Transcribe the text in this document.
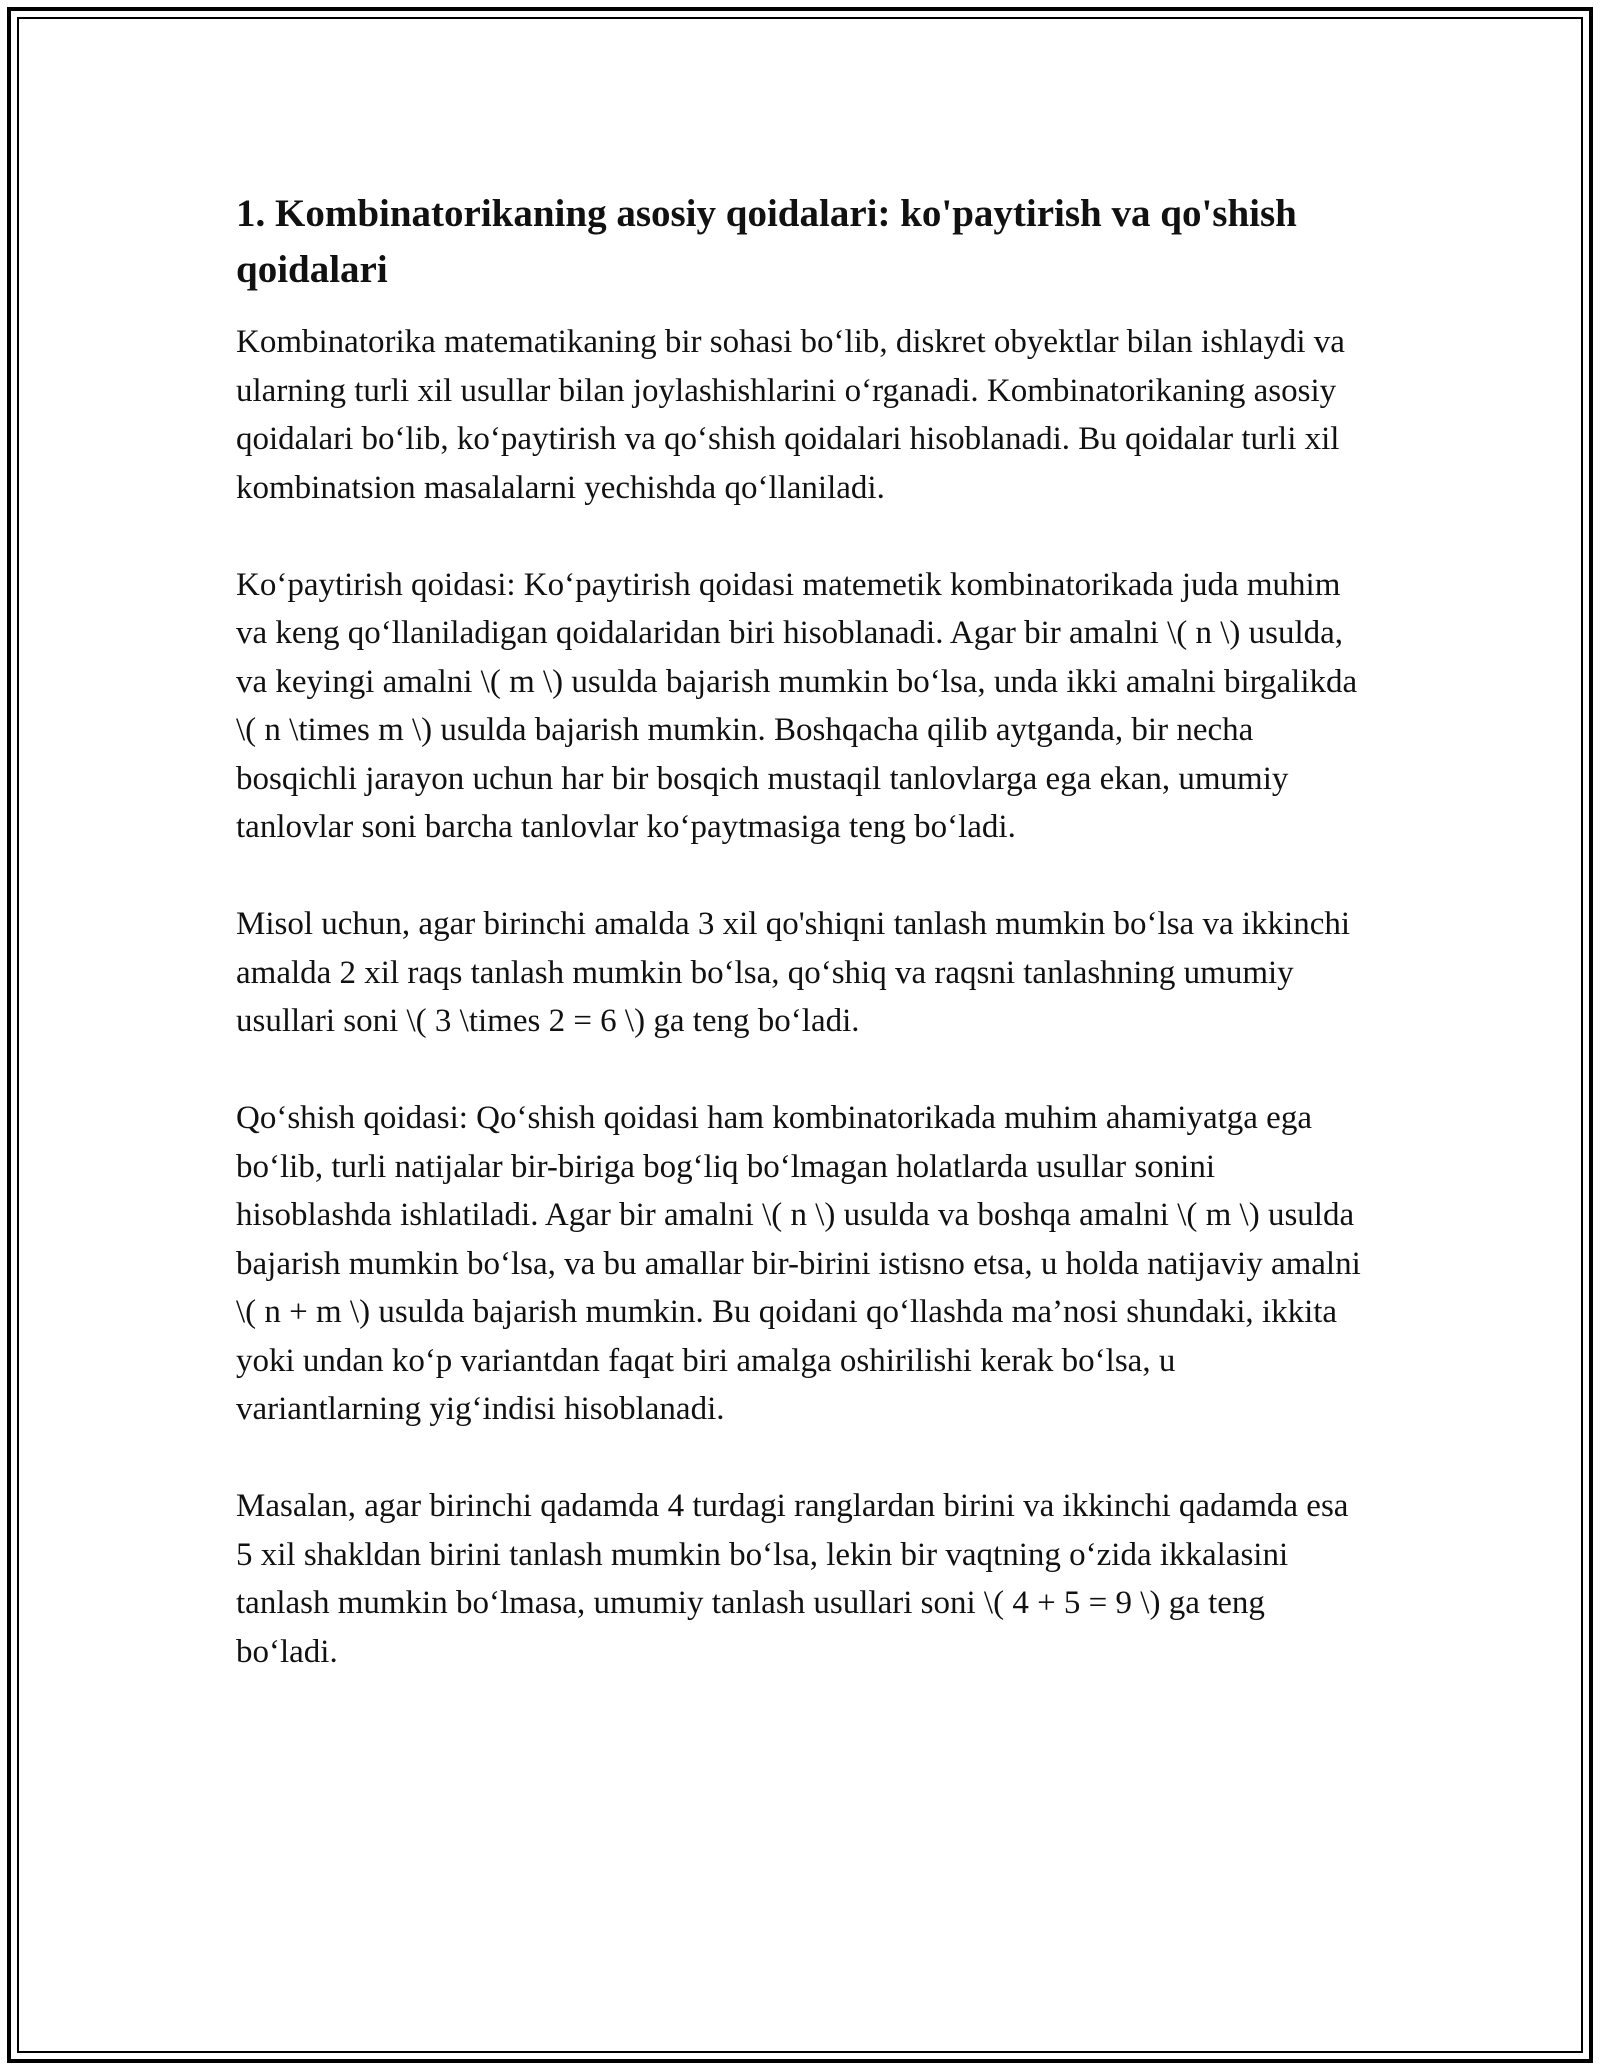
1. Kombinatorikaning asosiy qoidalari: ko'paytirish va qo'shish qoidalari

Kombinatorika matematikaning bir sohasi bo‘lib, diskret obyektlar bilan ishlaydi va ularning turli xil usullar bilan joylashishlarini o‘rganadi. Kombinatorikaning asosiy qoidalari bo‘lib, ko‘paytirish va qo‘shish qoidalari hisoblanadi. Bu qoidalar turli xil kombinatsion masalalarni yechishda qo‘llaniladi.

Ko‘paytirish qoidasi: Ko‘paytirish qoidasi matemetik kombinatorikada juda muhim va keng qo‘llaniladigan qoidalaridan biri hisoblanadi. Agar bir amalni \( n \) usulda, va keyingi amalni \( m \) usulda bajarish mumkin bo‘lsa, unda ikki amalni birgalikda \( n \times m \) usulda bajarish mumkin. Boshqacha qilib aytganda, bir necha bosqichli jarayon uchun har bir bosqich mustaqil tanlovlarga ega ekan, umumiy tanlovlar soni barcha tanlovlar ko‘paytmasiga teng bo‘ladi.

Misol uchun, agar birinchi amalda 3 xil qo'shiqni tanlash mumkin bo‘lsa va ikkinchi amalda 2 xil raqs tanlash mumkin bo‘lsa, qo‘shiq va raqsni tanlashning umumiy usullari soni \( 3 \times 2 = 6 \) ga teng bo‘ladi.

Qo‘shish qoidasi: Qo‘shish qoidasi ham kombinatorikada muhim ahamiyatga ega bo‘lib, turli natijalar bir-biriga bog‘liq bo‘lmagan holatlarda usullar sonini hisoblashda ishlatiladi. Agar bir amalni \( n \) usulda va boshqa amalni \( m \) usulda bajarish mumkin bo‘lsa, va bu amallar bir-birini istisno etsa, u holda natijaviy amalni \( n + m \) usulda bajarish mumkin. Bu qoidani qo‘llashda ma’nosi shundaki, ikkita yoki undan ko‘p variantdan faqat biri amalga oshirilishi kerak bo‘lsa, u variantlarning yig‘indisi hisoblanadi.

Masalan, agar birinchi qadamda 4 turdagi ranglardan birini va ikkinchi qadamda esa 5 xil shakldan birini tanlash mumkin bo‘lsa, lekin bir vaqtning o‘zida ikkalasini tanlash mumkin bo‘lmasa, umumiy tanlash usullari soni \( 4 + 5 = 9 \) ga teng bo‘ladi.
